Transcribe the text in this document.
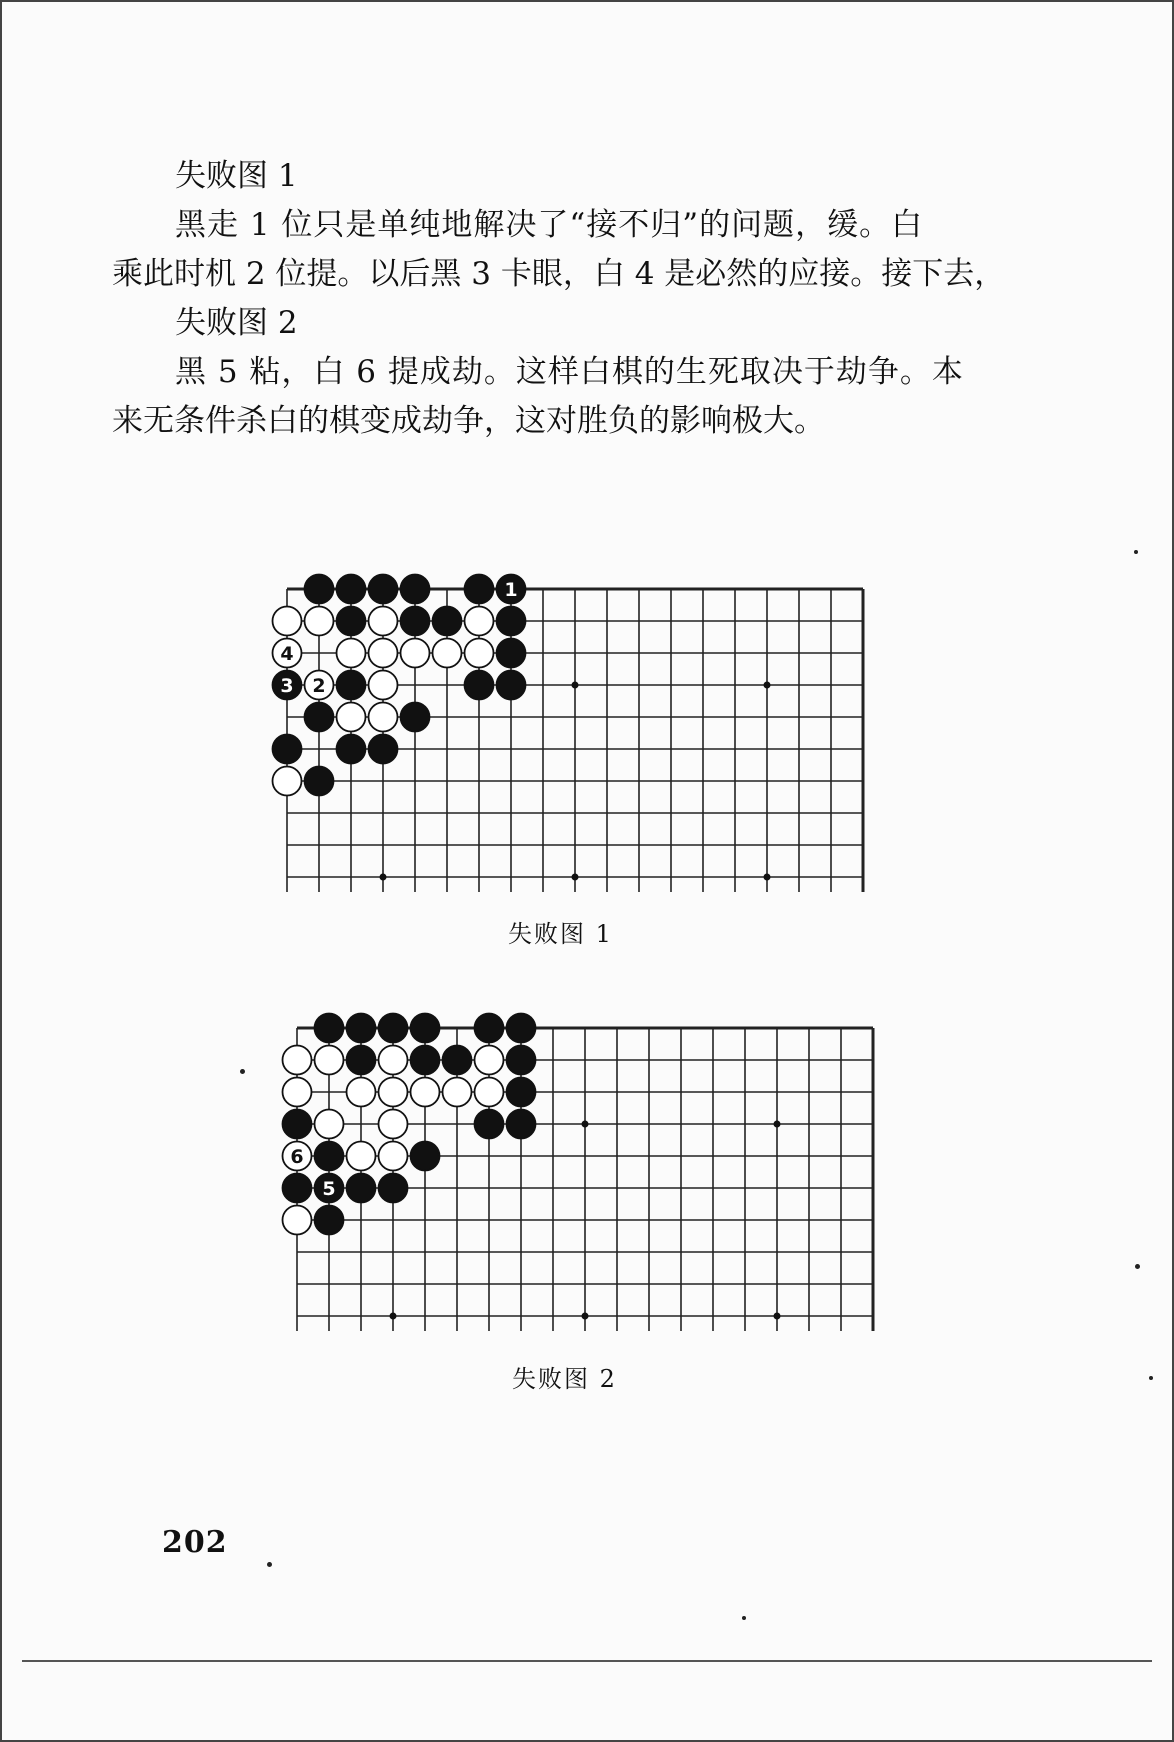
失败图 1

黑走 1 位只是单纯地解决了“接不归”的问题，缓。白

乘此时机 2 位提。以后黑 3 卡眼，白 4 是必然的应接。接下去，

失败图 2

黑 5 粘，白 6 提成劫。这样白棋的生死取决于劫争。本

来无条件杀白的棋变成劫争，这对胜负的影响极大。

1
4
3 2
失败图 1
6
5
失败图 2
202
